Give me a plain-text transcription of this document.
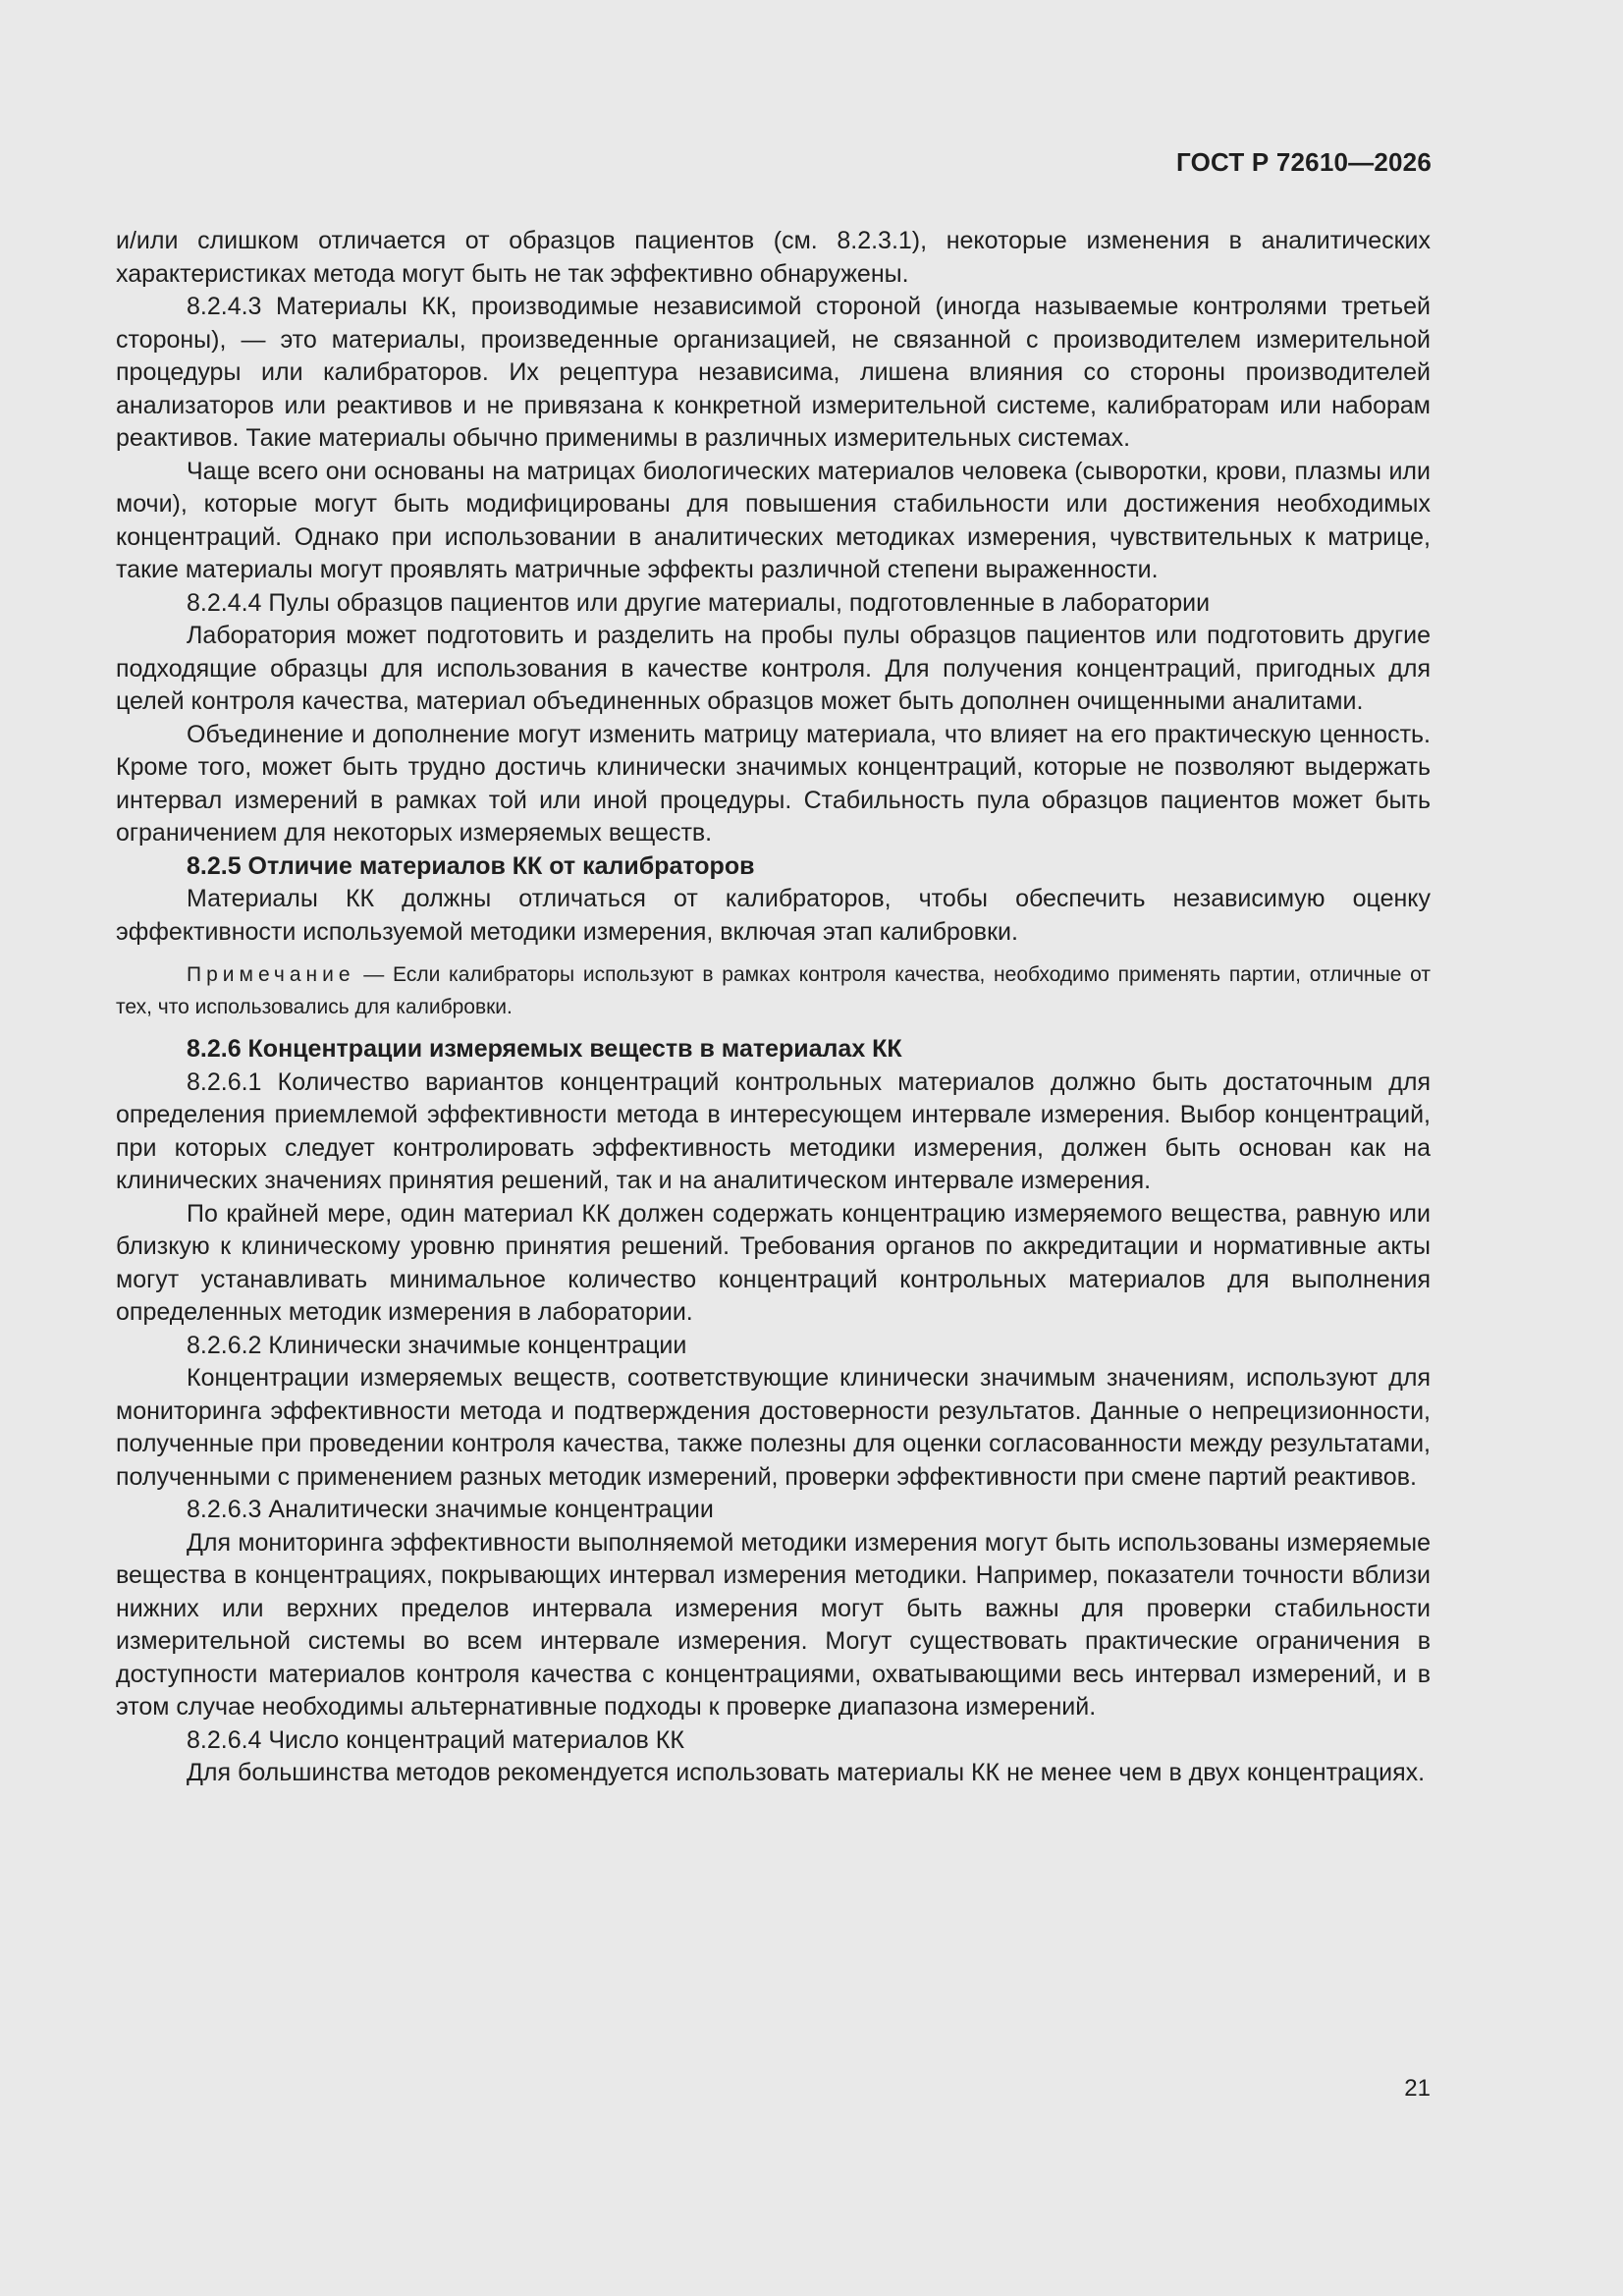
ГОСТ Р 72610—2026

и/или слишком отличается от образцов пациентов (см. 8.2.3.1), некоторые изменения в аналитических характеристиках метода могут быть не так эффективно обнаружены.

8.2.4.3 Материалы КК, производимые независимой стороной (иногда называемые контролями третьей стороны), — это материалы, произведенные организацией, не связанной с производителем измерительной процедуры или калибраторов. Их рецептура независима, лишена влияния со стороны производителей анализаторов или реактивов и не привязана к конкретной измерительной системе, калибраторам или наборам реактивов. Такие материалы обычно применимы в различных измерительных системах.

Чаще всего они основаны на матрицах биологических материалов человека (сыворотки, крови, плазмы или мочи), которые могут быть модифицированы для повышения стабильности или достижения необходимых концентраций. Однако при использовании в аналитических методиках измерения, чувствительных к матрице, такие материалы могут проявлять матричные эффекты различной степени выраженности.

8.2.4.4 Пулы образцов пациентов или другие материалы, подготовленные в лаборатории

Лаборатория может подготовить и разделить на пробы пулы образцов пациентов или подготовить другие подходящие образцы для использования в качестве контроля. Для получения концентраций, пригодных для целей контроля качества, материал объединенных образцов может быть дополнен очищенными аналитами.

Объединение и дополнение могут изменить матрицу материала, что влияет на его практическую ценность. Кроме того, может быть трудно достичь клинически значимых концентраций, которые не позволяют выдержать интервал измерений в рамках той или иной процедуры. Стабильность пула образцов пациентов может быть ограничением для некоторых измеряемых веществ.

8.2.5 Отличие материалов КК от калибраторов

Материалы КК должны отличаться от калибраторов, чтобы обеспечить независимую оценку эффективности используемой методики измерения, включая этап калибровки.

Примечание — Если калибраторы используют в рамках контроля качества, необходимо применять партии, отличные от тех, что использовались для калибровки.

8.2.6 Концентрации измеряемых веществ в материалах КК

8.2.6.1 Количество вариантов концентраций контрольных материалов должно быть достаточным для определения приемлемой эффективности метода в интересующем интервале измерения. Выбор концентраций, при которых следует контролировать эффективность методики измерения, должен быть основан как на клинических значениях принятия решений, так и на аналитическом интервале измерения.

По крайней мере, один материал КК должен содержать концентрацию измеряемого вещества, равную или близкую к клиническому уровню принятия решений. Требования органов по аккредитации и нормативные акты могут устанавливать минимальное количество концентраций контрольных материалов для выполнения определенных методик измерения в лаборатории.

8.2.6.2 Клинически значимые концентрации

Концентрации измеряемых веществ, соответствующие клинически значимым значениям, используют для мониторинга эффективности метода и подтверждения достоверности результатов. Данные о непрецизионности, полученные при проведении контроля качества, также полезны для оценки согласованности между результатами, полученными с применением разных методик измерений, проверки эффективности при смене партий реактивов.

8.2.6.3 Аналитически значимые концентрации

Для мониторинга эффективности выполняемой методики измерения могут быть использованы измеряемые вещества в концентрациях, покрывающих интервал измерения методики. Например, показатели точности вблизи нижних или верхних пределов интервала измерения могут быть важны для проверки стабильности измерительной системы во всем интервале измерения. Могут существовать практические ограничения в доступности материалов контроля качества с концентрациями, охватывающими весь интервал измерений, и в этом случае необходимы альтернативные подходы к проверке диапазона измерений.

8.2.6.4 Число концентраций материалов КК

Для большинства методов рекомендуется использовать материалы КК не менее чем в двух концентрациях.

21
